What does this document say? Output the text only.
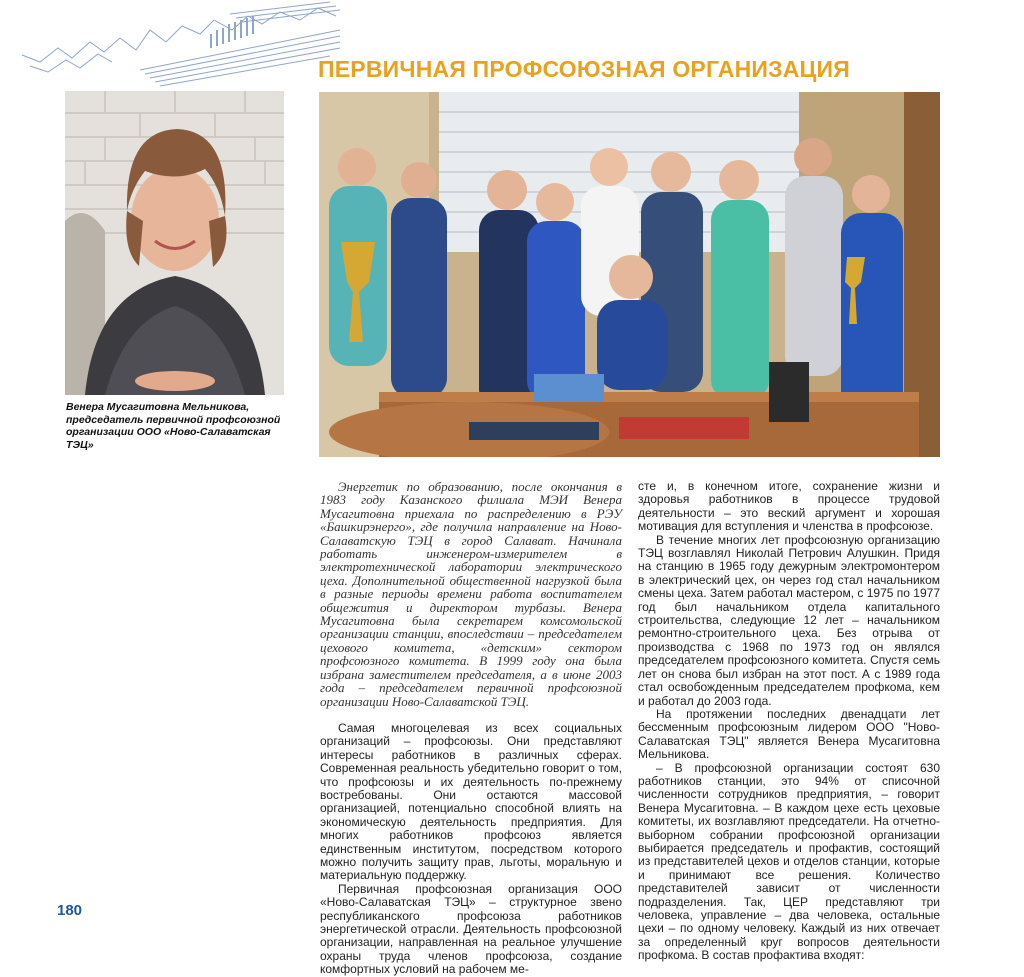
ПЕРВИЧНАЯ ПРОФСОЮЗНАЯ ОРГАНИЗАЦИЯ
Венера Мусагитовна Мельникова,
председатель первичной профсоюзной
организации ООО «Ново-Салаватская ТЭЦ»

Энергетик по образованию, после окончания в 1983 году Казанского филиала МЭИ Венера Мусагитовна приехала по распределению в РЭУ «Башкирэнерго», где получила направление на Ново-Салаватскую ТЭЦ в город Салават. Начинала работать инженером-измерителем в электротехнической лаборатории электрического цеха. Дополнительной общественной нагрузкой была в разные периоды времени работа воспитателем общежития и директором турбазы. Венера Мусагитовна была секретарем комсомольской организации станции, впоследствии – председателем цехового комитета, «детским» сектором профсоюзного комитета. В 1999 году она была избрана заместителем председателя, а в июне 2003 года – председателем первичной профсоюзной организации Ново-Салаватской ТЭЦ.

Самая многоцелевая из всех социальных организаций – профсоюзы. Они представляют интересы работников в различных сферах. Современная реальность убедительно говорит о том, что профсоюзы и их деятельность по-прежнему востребованы. Они остаются массовой организацией, потенциально способной влиять на экономическую деятельность предприятия. Для многих работников профсоюз является единственным институтом, посредством которого можно получить защиту прав, льготы, моральную и материальную поддержку.

Первичная профсоюзная организация ООО «Ново-Салаватская ТЭЦ» – структурное звено республиканского профсоюза работников энергетической отрасли. Деятельность профсоюзной организации, направленная на реальное улучшение охраны труда членов профсоюза, создание комфортных условий на рабочем ме-

сте и, в конечном итоге, сохранение жизни и здоровья работников в процессе трудовой деятельности – это веский аргумент и хорошая мотивация для вступления и членства в профсоюзе.

В течение многих лет профсоюзную организацию ТЭЦ возглавлял Николай Петрович Алушкин. Придя на станцию в 1965 году дежурным электромонтером в электрический цех, он через год стал начальником смены цеха. Затем работал мастером, с 1975 по 1977 год был начальником отдела капитального строительства, следующие 12 лет – начальником ремонтно-строительного цеха. Без отрыва от производства с 1968 по 1973 год он являлся председателем профсоюзного комитета. Спустя семь лет он снова был избран на этот пост. А с 1989 года стал освобожденным председателем профкома, кем и работал до 2003 года.

На протяжении последних двенадцати лет бессменным профсоюзным лидером ООО "Ново-Салаватская ТЭЦ" является Венера Мусагитовна Мельникова.

– В профсоюзной организации состоят 630 работников станции, это 94% от списочной численности сотрудников предприятия, – говорит Венера Мусагитовна. – В каждом цехе есть цеховые комитеты, их возглавляют председатели. На отчетно-выборном собрании профсоюзной организации выбирается председатель и профактив, состоящий из представителей цехов и отделов станции, которые и принимают все решения. Количество представителей зависит от численности подразделения. Так, ЦЕР представляют три человека, управление – два человека, остальные цехи – по одному человеку. Каждый из них отвечает за определенный круг вопросов деятельности профкома. В состав профактива входят:

180
